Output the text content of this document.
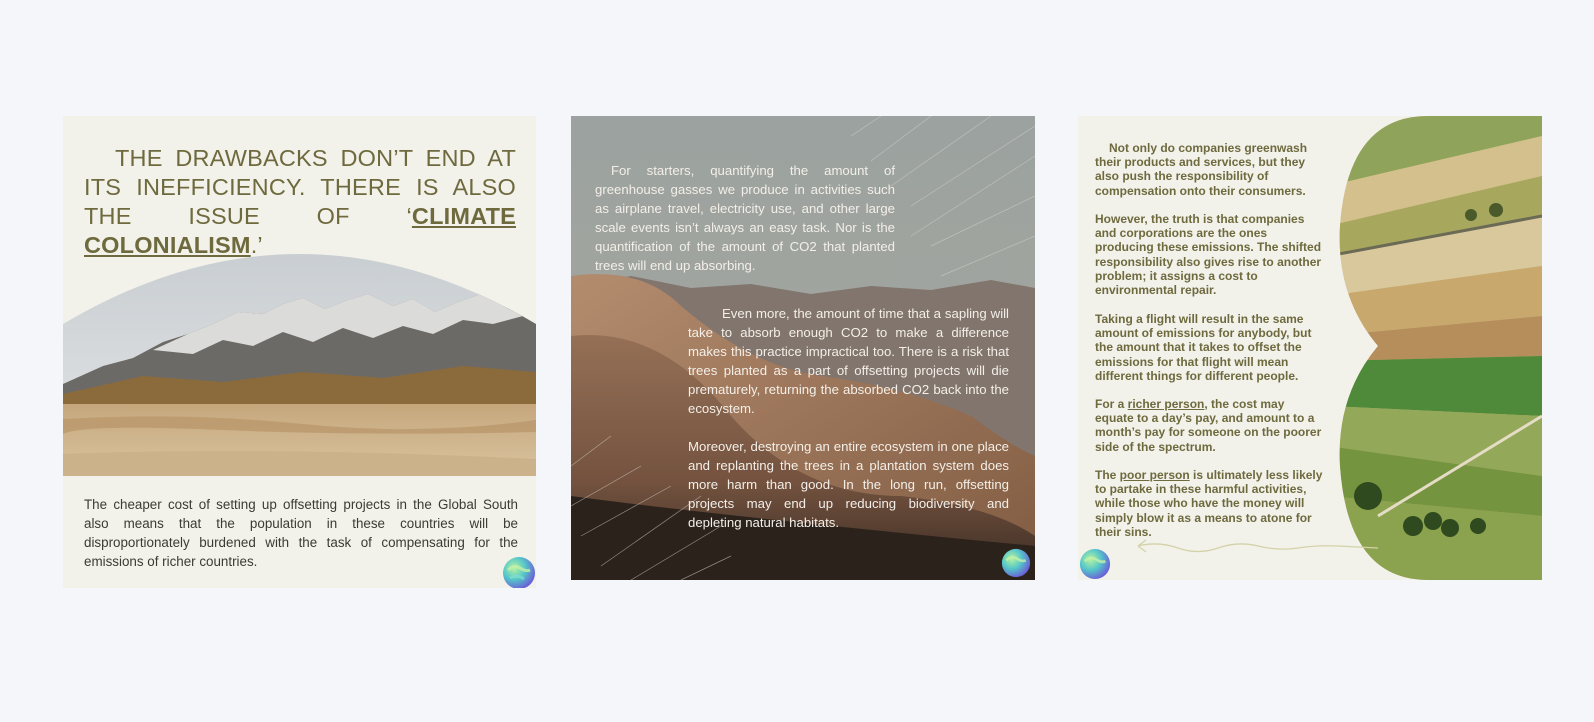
THE DRAWBACKS DON’T END AT ITS INEFFICIENCY. THERE IS ALSO THE ISSUE OF ‘CLIMATE COLONIALISM.’
The cheaper cost of setting up offsetting projects in the Global South also means that the population in these countries will be disproportionately burdened with the task of compensating for the emissions of richer countries.
For starters, quantifying the amount of greenhouse gasses we produce in activities such as airplane travel, electricity use, and other large scale events isn’t always an easy task. Nor is the quantification of the amount of CO2 that planted trees will end up absorbing.
Even more, the amount of time that a sapling will take to absorb enough CO2 to make a difference makes this practice impractical too. There is a risk that trees planted as a part of offsetting projects will die prematurely, returning the absorbed CO2 back into the ecosystem.
Moreover, destroying an entire ecosystem in one place and replanting the trees in a plantation system does more harm than good. In the long run, offsetting projects may end up reducing biodiversity and depleting natural habitats.
Not only do companies greenwash their products and services, but they also push the responsibility of compensation onto their consumers.
However, the truth is that companies and corporations are the ones producing these emissions. The shifted responsibility also gives rise to another problem; it assigns a cost to environmental repair.
Taking a flight will result in the same amount of emissions for anybody, but the amount that it takes to offset the emissions for that flight will mean different things for different people.
For a richer person, the cost may equate to a day’s pay, and amount to a month’s pay for someone on the poorer side of the spectrum.
The poor person is ultimately less likely to partake in these harmful activities, while those who have the money will simply blow it as a means to atone for their sins.
